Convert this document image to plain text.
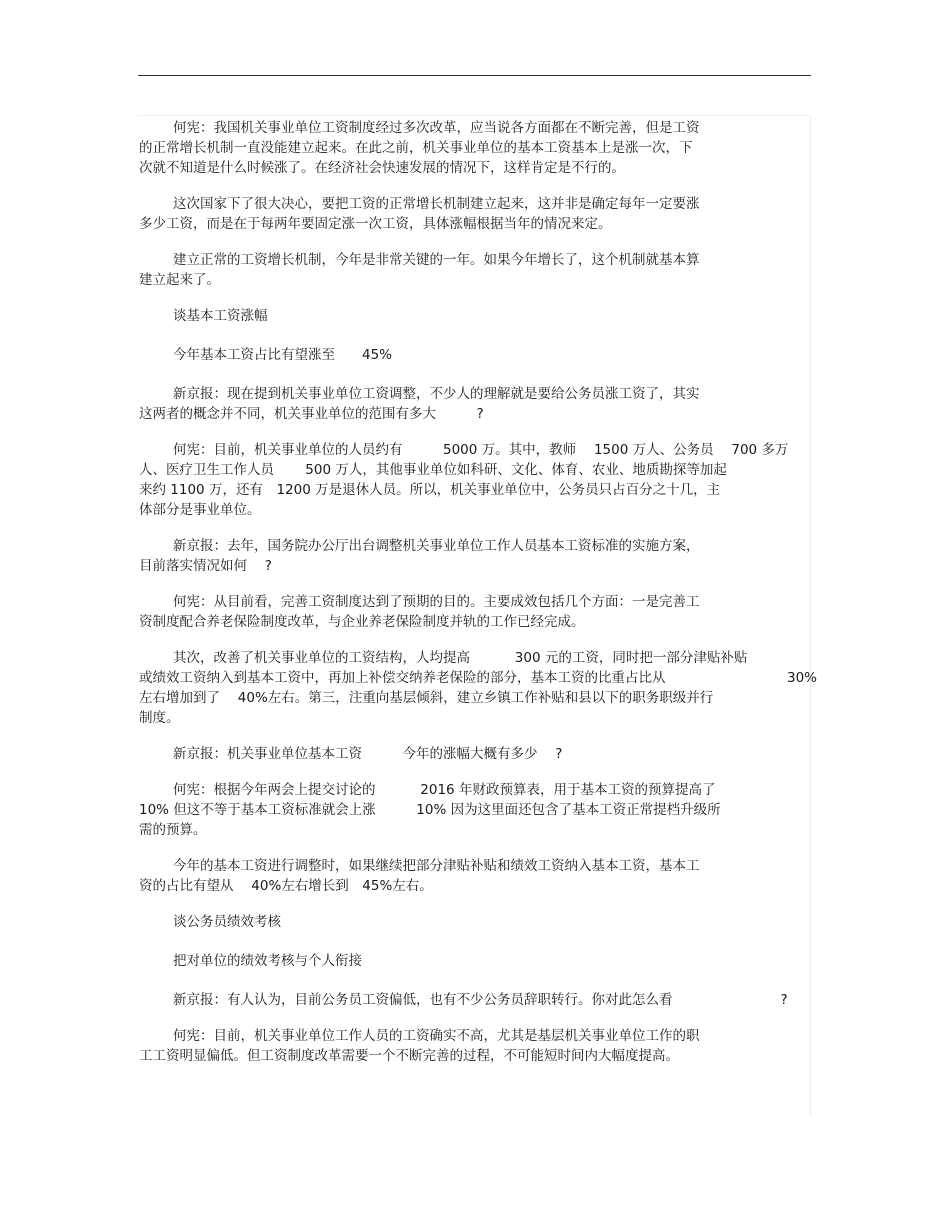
何宪：我国机关事业单位工资制度经过多次改革，应当说各方面都在不断完善，但是工资
的正常增长机制一直没能建立起来。在此之前，机关事业单位的基本工资基本上是涨一次，下
次就不知道是什么时候涨了。在经济社会快速发展的情况下，这样肯定是不行的。
这次国家下了很大决心，要把工资的正常增长机制建立起来，这并非是确定每年一定要涨
多少工资，而是在于每两年要固定涨一次工资，具体涨幅根据当年的情况来定。
建立正常的工资增长机制，今年是非常关键的一年。如果今年增长了，这个机制就基本算
建立起来了。
谈基本工资涨幅
今年基本工资占比有望涨至　　45%
新京报：现在提到机关事业单位工资调整，不少人的理解就是要给公务员涨工资了，其实
这两者的概念并不同，机关事业单位的范围有多大　　　?
何宪：目前，机关事业单位的人员约有　　　5000 万。其中，教师　 1500 万人、公务员　 700 多万
人、医疗卫生工作人员　　 500 万人，其他事业单位如科研、文化、体育、农业、地质勘探等加起
来约 1100 万，还有　1200 万是退休人员。所以，机关事业单位中，公务员只占百分之十几，主
体部分是事业单位。
新京报：去年，国务院办公厅出台调整机关事业单位工作人员基本工资标准的实施方案，
目前落实情况如何　 ?
何宪：从目前看，完善工资制度达到了预期的目的。主要成效包括几个方面：一是完善工
资制度配合养老保险制度改革，与企业养老保险制度并轨的工作已经完成。
其次，改善了机关事业单位的工资结构，人均提高　　　 300 元的工资，同时把一部分津贴补贴
或绩效工资纳入到基本工资中，再加上补偿交纳养老保险的部分，基本工资的比重占比从　　　　　　　　　30%
左右增加到了　 40%左右。第三，注重向基层倾斜，建立乡镇工作补贴和县以下的职务职级并行
制度。
新京报：机关事业单位基本工资　　　今年的涨幅大概有多少　 ?
何宪：根据今年两会上提交讨论的　　　 2016 年财政预算表，用于基本工资的预算提高了
10% 但这不等于基本工资标准就会上涨　　　10% 因为这里面还包含了基本工资正常提档升级所
需的预算。
今年的基本工资进行调整时，如果继续把部分津贴补贴和绩效工资纳入基本工资，基本工
资的占比有望从　 40%左右增长到　45%左右。
谈公务员绩效考核
把对单位的绩效考核与个人衔接
新京报：有人认为，目前公务员工资偏低，也有不少公务员辞职转行。你对此怎么看　　　　　　　　?
何宪：目前，机关事业单位工作人员的工资确实不高，尤其是基层机关事业单位工作的职
工工资明显偏低。但工资制度改革需要一个不断完善的过程，不可能短时间内大幅度提高。
